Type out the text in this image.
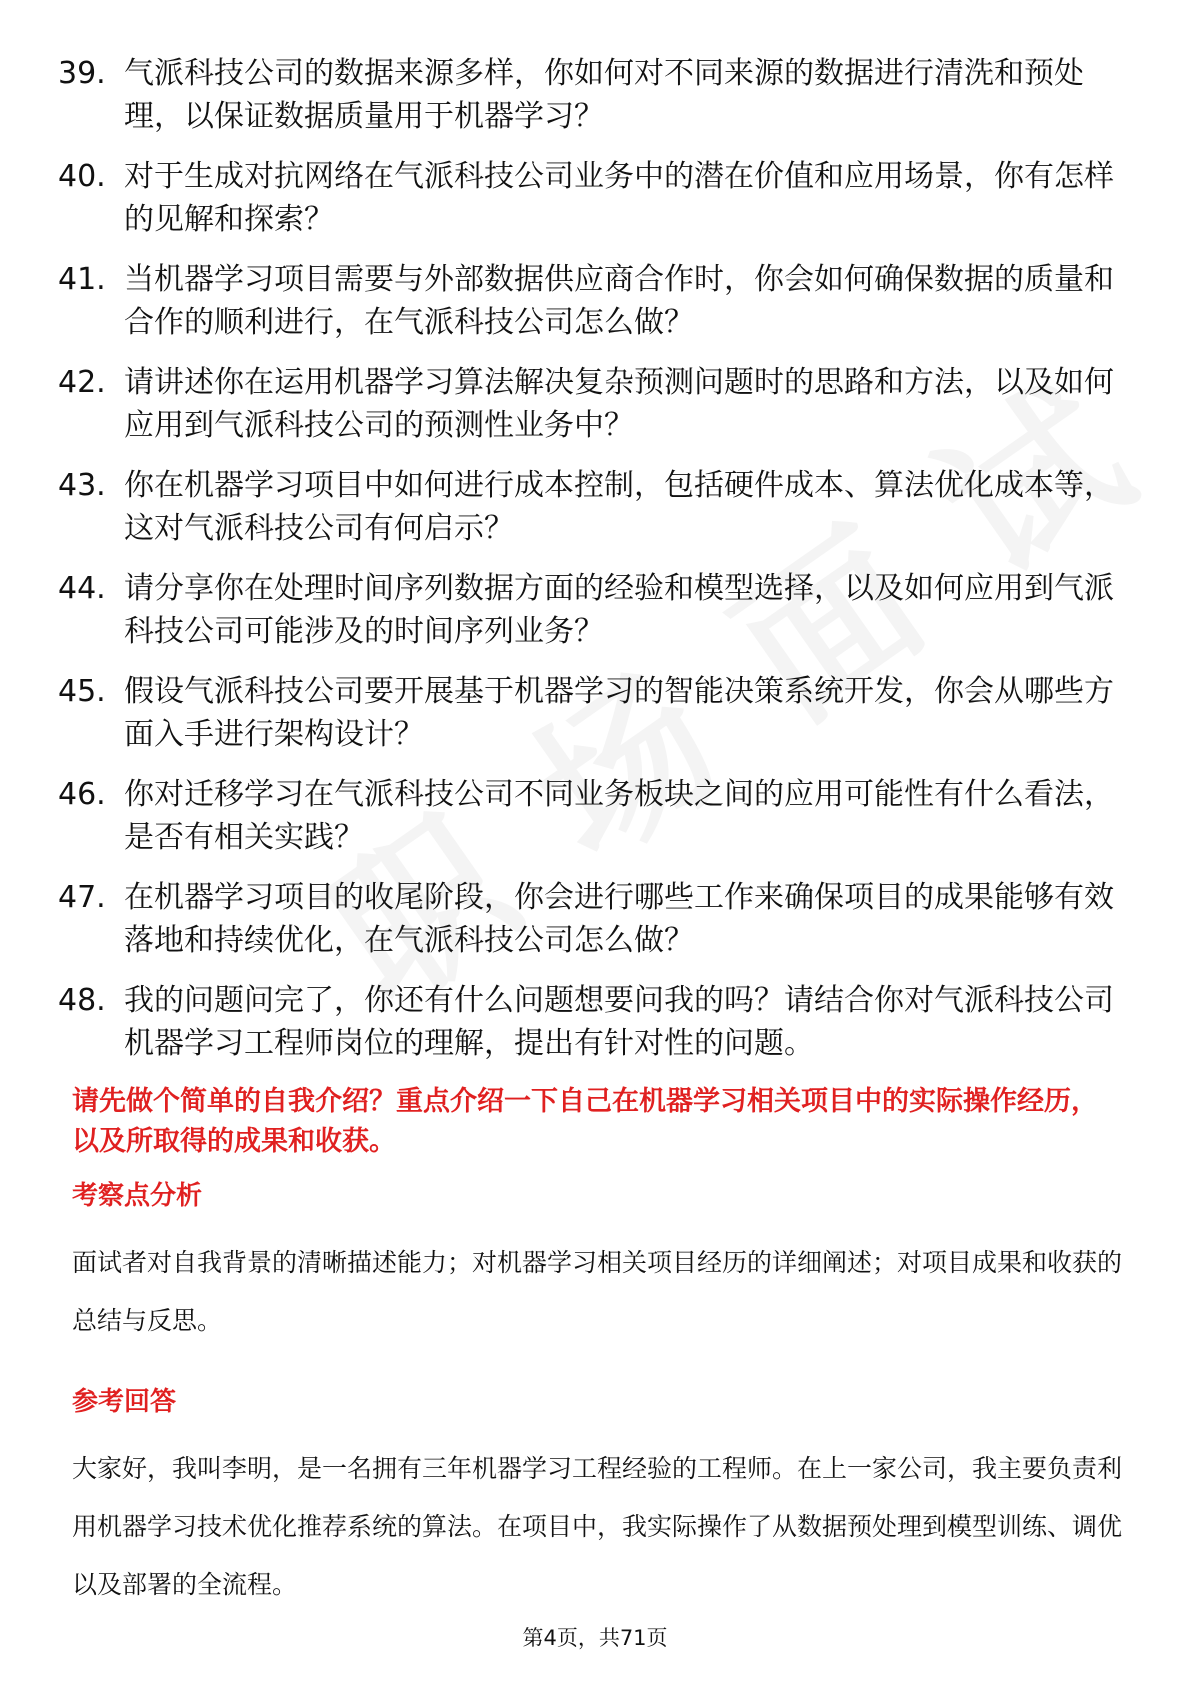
39. 气派科技公司的数据来源多样，你如何对不同来源的数据进行清洗和预处理，以保证数据质量用于机器学习？
40. 对于生成对抗网络在气派科技公司业务中的潜在价值和应用场景，你有怎样的见解和探索？
41. 当机器学习项目需要与外部数据供应商合作时，你会如何确保数据的质量和合作的顺利进行，在气派科技公司怎么做？
42. 请讲述你在运用机器学习算法解决复杂预测问题时的思路和方法，以及如何应用到气派科技公司的预测性业务中？
43. 你在机器学习项目中如何进行成本控制，包括硬件成本、算法优化成本等，这对气派科技公司有何启示？
44. 请分享你在处理时间序列数据方面的经验和模型选择，以及如何应用到气派科技公司可能涉及的时间序列业务？
45. 假设气派科技公司要开展基于机器学习的智能决策系统开发，你会从哪些方面入手进行架构设计？
46. 你对迁移学习在气派科技公司不同业务板块之间的应用可能性有什么看法，是否有相关实践？
47. 在机器学习项目的收尾阶段，你会进行哪些工作来确保项目的成果能够有效落地和持续优化，在气派科技公司怎么做？
48. 我的问题问完了，你还有什么问题想要问我的吗？请结合你对气派科技公司机器学习工程师岗位的理解，提出有针对性的问题。
请先做个简单的自我介绍？重点介绍一下自己在机器学习相关项目中的实际操作经历，以及所取得的成果和收获。
考察点分析
面试者对自我背景的清晰描述能力；对机器学习相关项目经历的详细阐述；对项目成果和收获的总结与反思。
参考回答
大家好，我叫李明，是一名拥有三年机器学习工程经验的工程师。在上一家公司，我主要负责利用机器学习技术优化推荐系统的算法。在项目中，我实际操作了从数据预处理到模型训练、调优以及部署的全流程。
第4页，共71页
